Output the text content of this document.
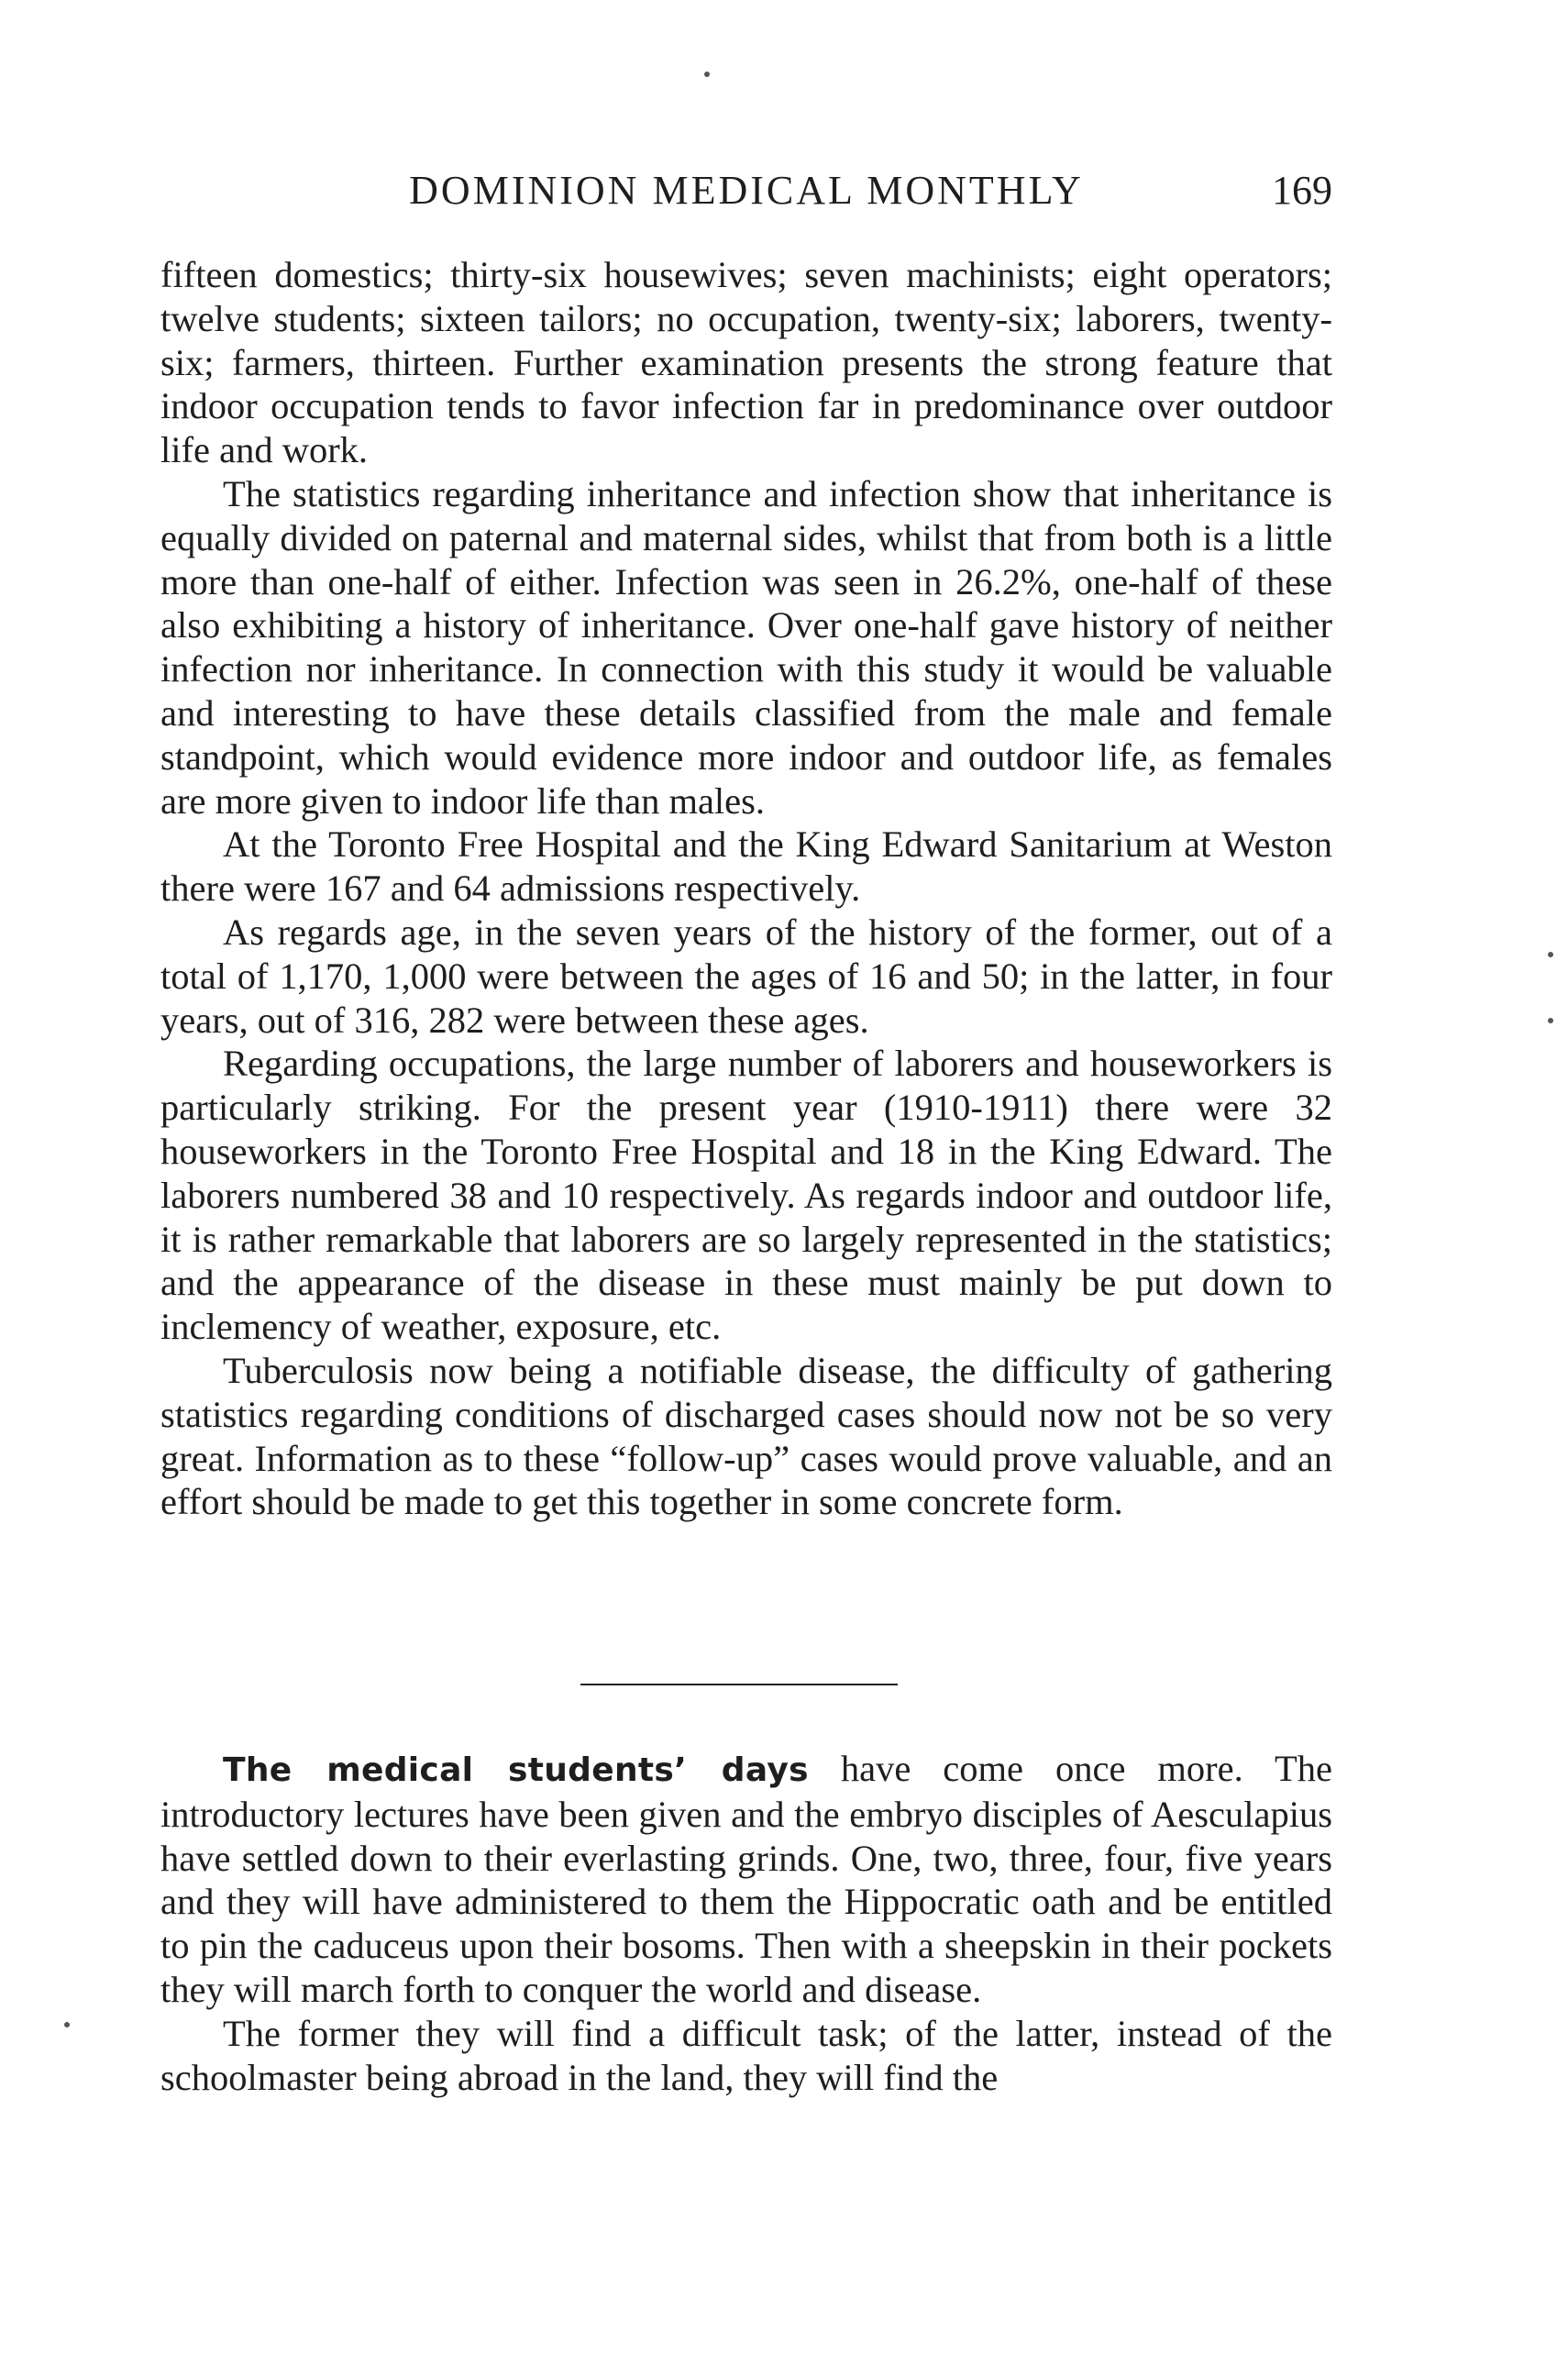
DOMINION MEDICAL MONTHLY	169

fifteen domestics; thirty-six housewives; seven machinists; eight operators; twelve students; sixteen tailors; no occupation, twenty-six; laborers, twenty-six; farmers, thirteen. Further examination presents the strong feature that indoor occupation tends to favor infection far in predominance over outdoor life and work.

The statistics regarding inheritance and infection show that inheritance is equally divided on paternal and maternal sides, whilst that from both is a little more than one-half of either. Infection was seen in 26.2%, one-half of these also exhibiting a history of inheritance. Over one-half gave history of neither infection nor inheritance. In connection with this study it would be valuable and interesting to have these details classified from the male and female standpoint, which would evidence more indoor and outdoor life, as females are more given to indoor life than males.

At the Toronto Free Hospital and the King Edward Sanitarium at Weston there were 167 and 64 admissions respectively.

As regards age, in the seven years of the history of the former, out of a total of 1,170, 1,000 were between the ages of 16 and 50; in the latter, in four years, out of 316, 282 were between these ages.

Regarding occupations, the large number of laborers and houseworkers is particularly striking. For the present year (1910-1911) there were 32 houseworkers in the Toronto Free Hospital and 18 in the King Edward. The laborers numbered 38 and 10 respectively. As regards indoor and outdoor life, it is rather remarkable that laborers are so largely represented in the statistics; and the appearance of the disease in these must mainly be put down to inclemency of weather, exposure, etc.

Tuberculosis now being a notifiable disease, the difficulty of gathering statistics regarding conditions of discharged cases should now not be so very great. Information as to these “follow-up” cases would prove valuable, and an effort should be made to get this together in some concrete form.

The medical students’ days have come once more. The introductory lectures have been given and the embryo disciples of Aesculapius have settled down to their everlasting grinds. One, two, three, four, five years and they will have administered to them the Hippocratic oath and be entitled to pin the caduceus upon their bosoms. Then with a sheepskin in their pockets they will march forth to conquer the world and disease.

The former they will find a difficult task; of the latter, instead of the schoolmaster being abroad in the land, they will find the
